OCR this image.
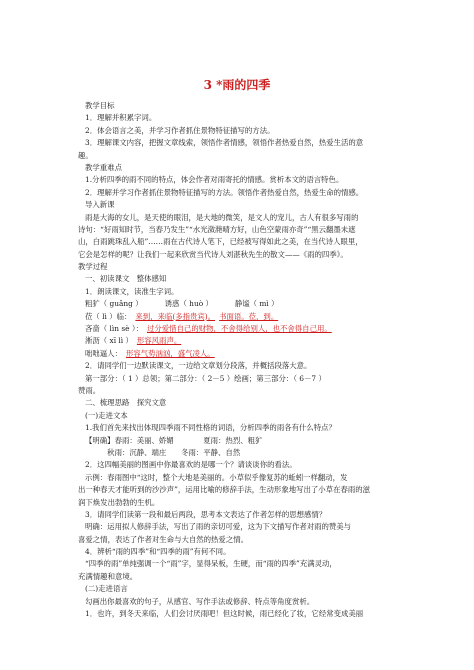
3 *雨的四季
教学目标
1．理解并积累字词。
2．体会语言之美，并学习作者抓住景物特征描写的方法。
3．理解课文内容，把握文章线索，领悟作者情感，领悟作者热爱自然，热爱生活的意
趣。
教学重难点
1.分析四季的雨不同的特点，体会作者对雨寄托的情感。赏析本文的语言特色。
2．理解并学习作者抓住景物特征描写的方法。领悟作者热爱自然，热爱生命的情感。
导入新课
雨是大海的女儿，是天使的眼泪，是大地的微笑，是文人的宠儿，古人有很多写雨的
诗句：“好雨知时节，当春乃发生”“水光潋滟晴方好，山色空蒙雨亦奇”“黑云翻墨未遮
山，白雨跳珠乱入船”……雨在古代诗人笔下，已经被写得如此之美，在当代诗人眼里，
它会是怎样的呢？让我们一起来欣赏当代诗人刘湛秋先生的散文——《雨的四季》。
教学过程
一、初读课文　整体感知
1．朗读课文，读准生字词。
粗犷（ guǎng ）	诱惑（ huò ）	静谧（ mì ）
莅（ lì ）临： 来到，来临(多指贵宾)。 书面语。莅，到。
吝啬（ lìn sè ）： 过分爱惜自己的财物，不舍得给别人，也不舍得自己用。
淅沥（ xī lì ） 形容风雨声。
咄咄逼人： 形容气势汹汹，盛气凌人。
2．请同学们一边默读课文，一边给文章划分段落，并概括段落大意。
第一部分：（ 1 ）总领；第二部分：（ 2－5 ）绘画；第三部分：（ 6－7 ）
赞雨。
二、梳理思路　探究文意
(一)走进文本
1.我们首先来找出体现四季雨不同性格的词语，分析四季的雨各有什么特点？
【明确】春雨：美丽、娇媚　　　　夏雨：热烈、粗犷
　　　秋雨：沉静、端庄　　冬雨：平静、自然
2．这四幅美丽的图画中你最喜欢的是哪一个？请谈谈你的看法。
示例：春雨图中“这时，整个大地是美丽的。小草似乎像复苏的蚯蚓一样翻动，发
出一种春天才能听到的沙沙声”，运用比喻的修辞手法，生动形象地写出了小草在春雨的滋
润下焕发出勃勃的生机。
3．请同学们读第一段和最后两段，思考本文表达了作者怎样的思想感情？
明确：运用拟人修辞手法，写出了雨的亲切可爱，这为下文描写作者对雨的赞美与
喜爱之情，表达了作者对生命与大自然的热爱之情。
4．辨析“雨的四季”和“四季的雨”有何不同。
“四季的雨”单纯强调一个“雨”字，显得呆板，生硬，而“雨的四季”充满灵动，
充满情趣和意境。
(二)走进语言
勾画出你最喜欢的句子，从感官、写作手法或修辞、特点等角度赏析。
1．也许，到冬天来临，人们会讨厌雨吧！但这时候，雨已经化了妆，它经常变成美丽
